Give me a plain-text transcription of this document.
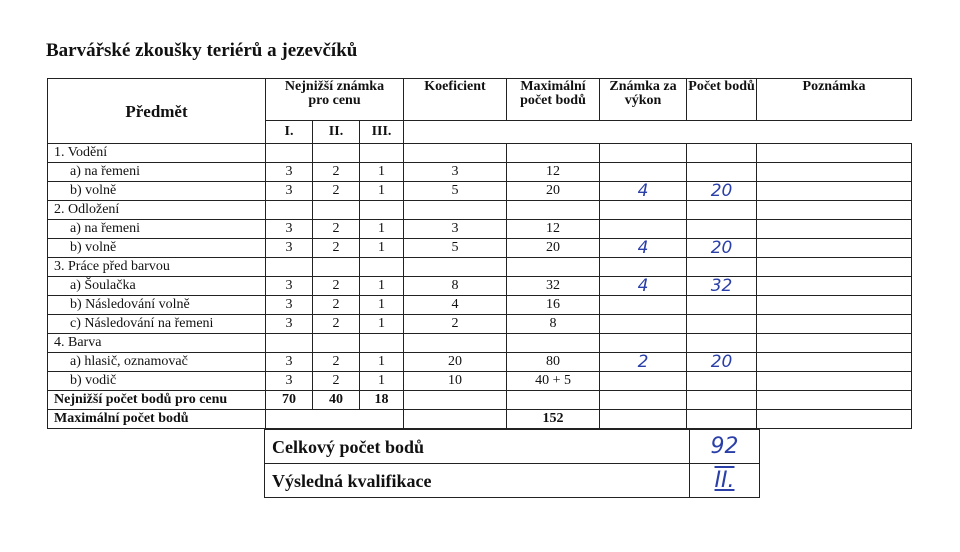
Barvářské zkoušky teriérů a jezevčíků
Předmět	Nejnižší známka pro cenu			Koeficient	Maximální počet bodů	Známka za výkon	Počet bodů	Poznámka
	I.	II.	III.					
1. Vodění								
a) na řemeni	3	2	1	3	12			
b) volně	3	2	1	5	20	4	20	
2. Odložení								
a) na řemeni	3	2	1	3	12			
b) volně	3	2	1	5	20	4	20	
3. Práce před barvou								
a) Šoulačka	3	2	1	8	32	4	32	
b) Následování volně	3	2	1	4	16			
c) Následování na řemeni	3	2	1	2	8			
4. Barva								
a) hlasič, oznamovač	3	2	1	20	80	2	20	
b) vodič	3	2	1	10	40 + 5			
Nejnižší počet bodů pro cenu	70	40	18					
Maximální počet bodů					152			
Celkový počet bodů	92
Výsledná kvalifikace	II.
